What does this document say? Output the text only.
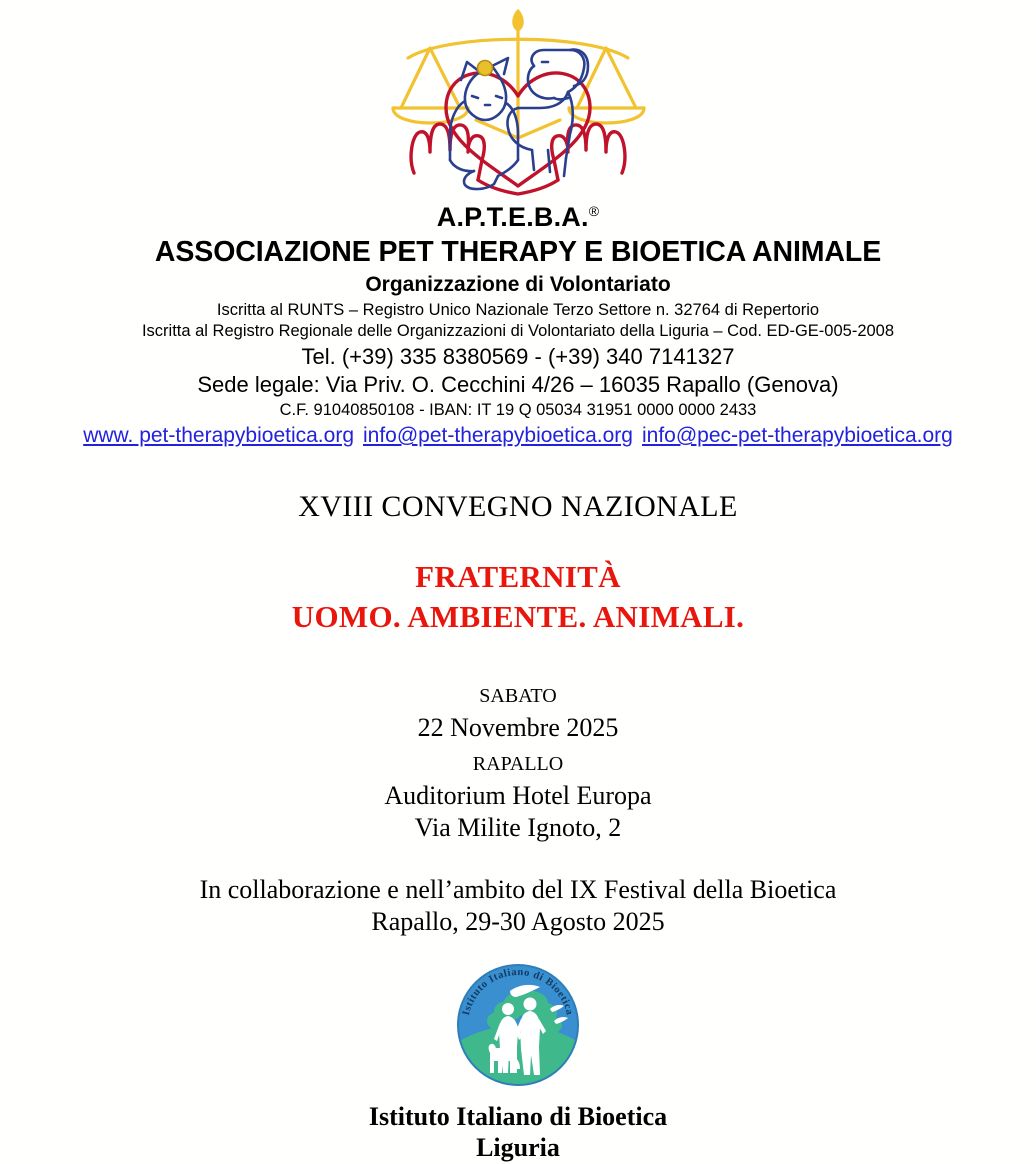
A.P.T.E.B.A.®
ASSOCIAZIONE PET THERAPY E BIOETICA ANIMALE
Organizzazione di Volontariato
Iscritta al RUNTS – Registro Unico Nazionale Terzo Settore n. 32764 di Repertorio
Iscritta al Registro Regionale delle Organizzazioni di Volontariato della Liguria – Cod. ED-GE-005-2008
Tel. (+39) 335 8380569 - (+39) 340 7141327
Sede legale: Via Priv. O. Cecchini 4/26 – 16035 Rapallo (Genova)
C.F. 91040850108 - IBAN: IT 19 Q 05034 31951 0000 0000 2433
www. pet-therapybioetica.org info@pet-therapybioetica.org info@pec-pet-therapybioetica.org
XVIII CONVEGNO NAZIONALE
FRATERNITÀ
UOMO. AMBIENTE. ANIMALI.
sabato
22 Novembre 2025
rapallo
Auditorium Hotel Europa
Via Milite Ignoto, 2
In collaborazione e nell’ambito del IX Festival della Bioetica
Rapallo, 29-30 Agosto 2025
Istituto Italiano di Bioetica
Istituto Italiano di Bioetica
Liguria
